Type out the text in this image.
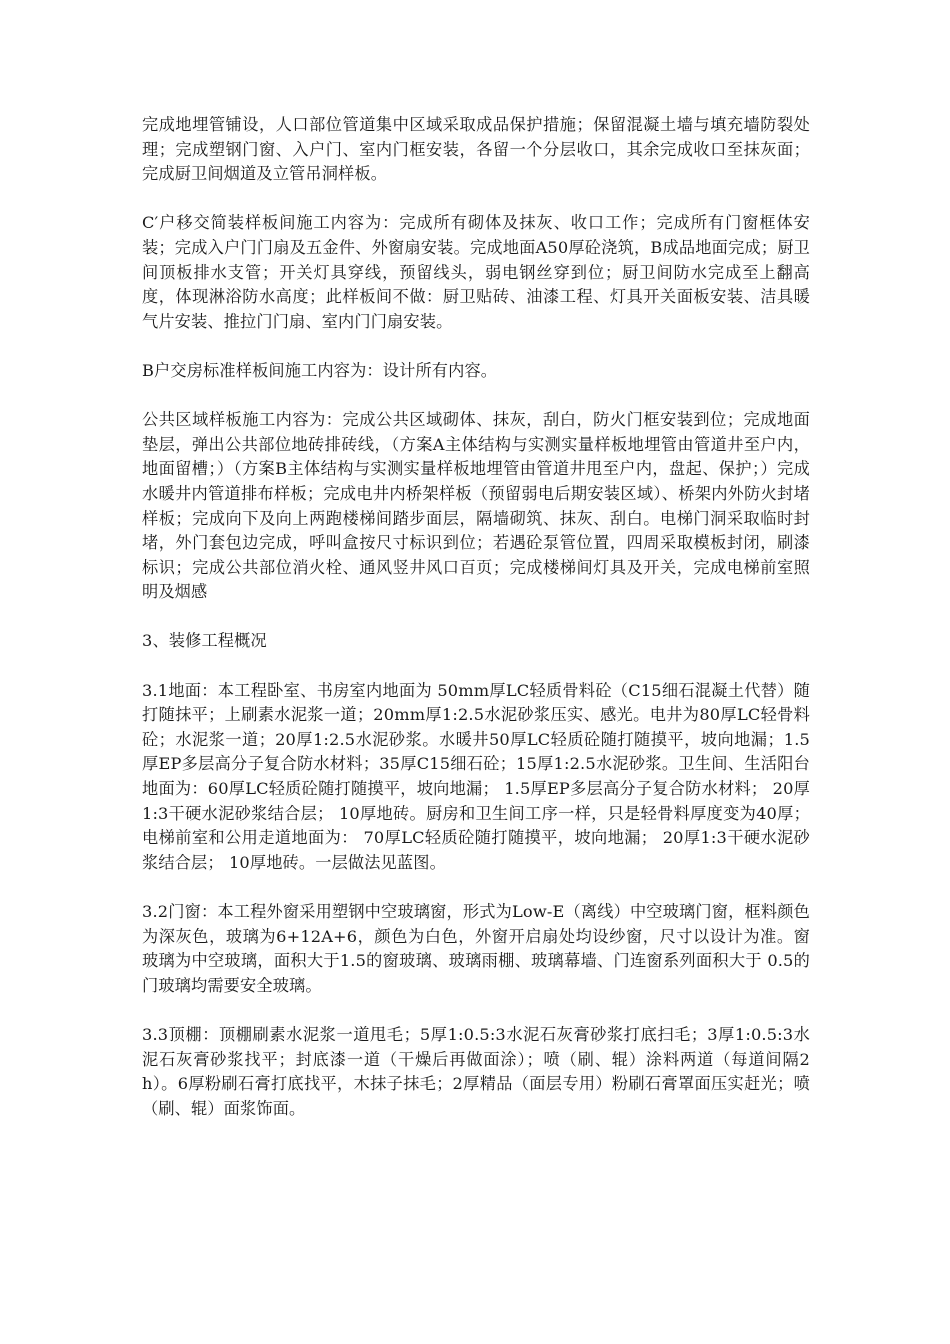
完成地埋管铺设，人口部位管道集中区域采取成品保护措施；保留混凝土墙与填充墙防裂处理；完成塑钢门窗、入户门、室内门框安装，各留一个分层收口，其余完成收口至抹灰面；完成厨卫间烟道及立管吊洞样板。

C′户移交简装样板间施工内容为：完成所有砌体及抹灰、收口工作；完成所有门窗框体安装；完成入户门门扇及五金件、外窗扇安装。完成地面A50厚砼浇筑，B成品地面完成；厨卫间顶板排水支管；开关灯具穿线，预留线头，弱电钢丝穿到位；厨卫间防水完成至上翻高度，体现淋浴防水高度；此样板间不做：厨卫贴砖、油漆工程、灯具开关面板安装、洁具暖气片安装、推拉门门扇、室内门门扇安装。

B户交房标准样板间施工内容为：设计所有内容。

公共区域样板施工内容为：完成公共区域砌体、抹灰，刮白，防火门框安装到位；完成地面垫层，弹出公共部位地砖排砖线，（方案A主体结构与实测实量样板地埋管由管道井至户内，地面留槽；）（方案B主体结构与实测实量样板地埋管由管道井甩至户内，盘起、保护；）完成水暖井内管道排布样板；完成电井内桥架样板（预留弱电后期安装区域）、桥架内外防火封堵样板；完成向下及向上两跑楼梯间踏步面层，隔墙砌筑、抹灰、刮白。电梯门洞采取临时封堵，外门套包边完成，呼叫盒按尺寸标识到位；若遇砼泵管位置，四周采取模板封闭，刷漆标识；完成公共部位消火栓、通风竖井风口百页；完成楼梯间灯具及开关，完成电梯前室照明及烟感

3、装修工程概况

3.1地面：本工程卧室、书房室内地面为 50mm厚LC轻质骨料砼（C15细石混凝土代替）随打随抹平；上刷素水泥浆一道；20mm厚1:2.5水泥砂浆压实、感光。电井为80厚LC轻骨料砼；水泥浆一道；20厚1:2.5水泥砂浆。水暖井50厚LC轻质砼随打随摸平，坡向地漏；1.5厚EP多层高分子复合防水材料；35厚C15细石砼；15厚1:2.5水泥砂浆。卫生间、生活阳台地面为：60厚LC轻质砼随打随摸平，坡向地漏； 1.5厚EP多层高分子复合防水材料； 20厚1:3干硬水泥砂浆结合层； 10厚地砖。厨房和卫生间工序一样，只是轻骨料厚度变为40厚；电梯前室和公用走道地面为： 70厚LC轻质砼随打随摸平，坡向地漏； 20厚1:3干硬水泥砂浆结合层； 10厚地砖。一层做法见蓝图。

3.2门窗：本工程外窗采用塑钢中空玻璃窗，形式为Low-E（离线）中空玻璃门窗，框料颜色为深灰色，玻璃为6+12A+6，颜色为白色，外窗开启扇处均设纱窗，尺寸以设计为准。窗玻璃为中空玻璃，面积大于1.5的窗玻璃、玻璃雨棚、玻璃幕墙、门连窗系列面积大于 0.5的门玻璃均需要安全玻璃。

3.3顶棚：顶棚刷素水泥浆一道甩毛；5厚1:0.5:3水泥石灰膏砂浆打底扫毛；3厚1:0.5:3水泥石灰膏砂浆找平；封底漆一道（干燥后再做面涂）；喷（刷、辊）涂料两道（每道间隔2h）。6厚粉刷石膏打底找平，木抹子抹毛；2厚精品（面层专用）粉刷石膏罩面压实赶光；喷（刷、辊）面浆饰面。
